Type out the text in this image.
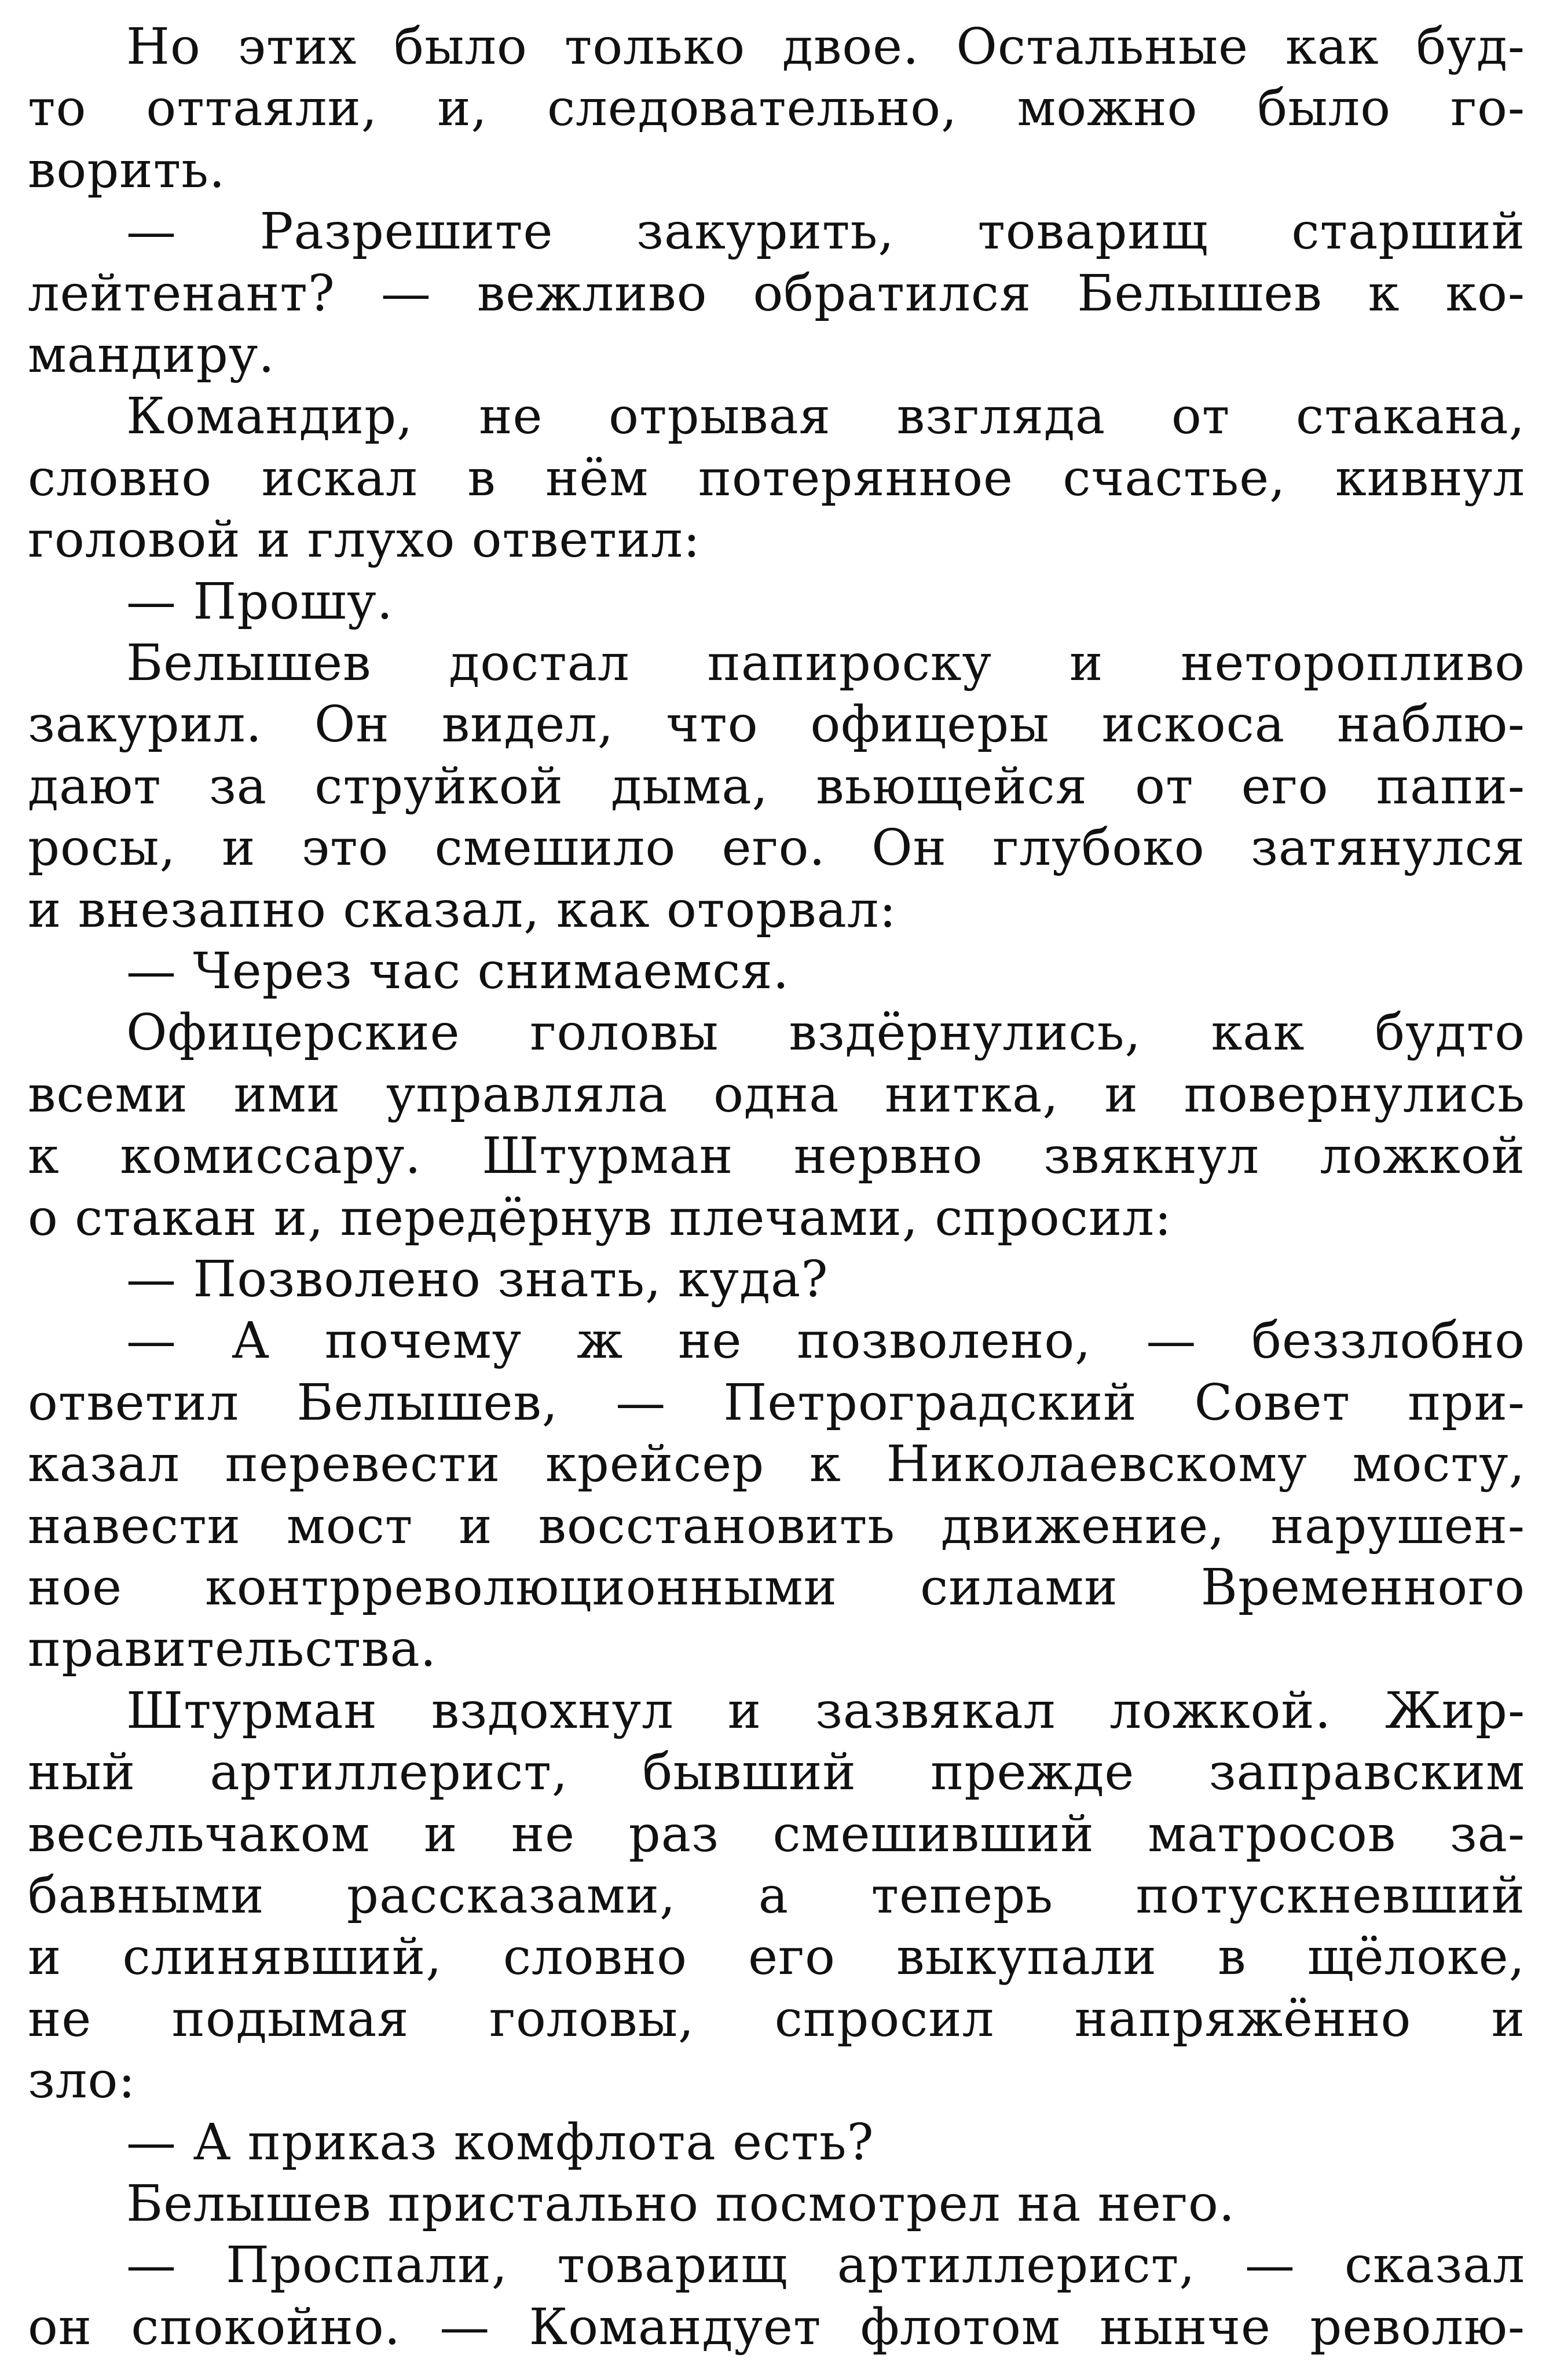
Но этих было только двое. Остальные как буд-
то оттаяли, и, следовательно, можно было го-
ворить.
— Разрешите закурить, товарищ старший
лейтенант? — вежливо обратился Белышев к ко-
мандиру.
Командир, не отрывая взгляда от стакана,
словно искал в нём потерянное счастье, кивнул
головой и глухо ответил:
— Прошу.
Белышев достал папироску и неторопливо
закурил. Он видел, что офицеры искоса наблю-
дают за струйкой дыма, вьющейся от его папи-
росы, и это смешило его. Он глубоко затянулся
и внезапно сказал, как оторвал:
— Через час снимаемся.
Офицерские головы вздёрнулись, как будто
всеми ими управляла одна нитка, и повернулись
к комиссару. Штурман нервно звякнул ложкой
о стакан и, передёрнув плечами, спросил:
— Позволено знать, куда?
— А почему ж не позволено, — беззлобно
ответил Белышев, — Петроградский Совет при-
казал перевести крейсер к Николаевскому мосту,
навести мост и восстановить движение, нарушен-
ное контрреволюционными силами Временного
правительства.
Штурман вздохнул и зазвякал ложкой. Жир-
ный артиллерист, бывший прежде заправским
весельчаком и не раз смешивший матросов за-
бавными рассказами, а теперь потускневший
и слинявший, словно его выкупали в щёлоке,
не подымая головы, спросил напряжённо и
зло:
— А приказ комфлота есть?
Белышев пристально посмотрел на него.
— Проспали, товарищ артиллерист, — сказал
он спокойно. — Командует флотом нынче револю-
